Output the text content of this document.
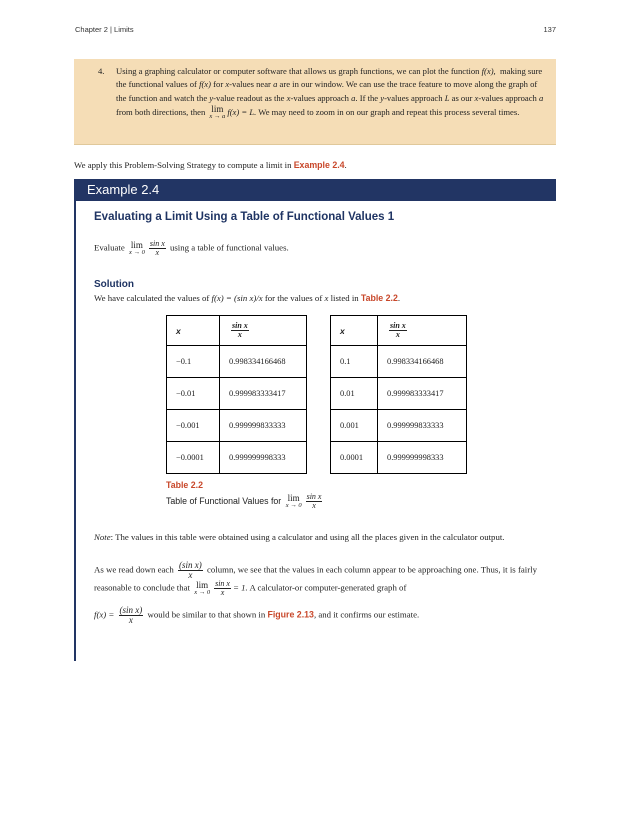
Chapter 2 | Limits	137
4. Using a graphing calculator or computer software that allows us graph functions, we can plot the function f(x), making sure the functional values of f(x) for x-values near a are in our window. We can use the trace feature to move along the graph of the function and watch the y-value readout as the x-values approach a. If the y-values approach L as our x-values approach a from both directions, then lim
x → a f(x) = L. We may need to zoom in on our graph and repeat this process several times.
We apply this Problem-Solving Strategy to compute a limit in Example 2.4.
Example 2.4
Evaluating a Limit Using a Table of Functional Values 1
Evaluate lim
$x \to 0 \frac{\text{sin x}}{x}$ using a table of functional values.
Solution
We have calculated the values of f(x) = (sin x)/x for the values of x listed in Table 2.2.
x	$\frac{\text{sin x}}{x}$

−0.1	0.998334166468
−0.01	0.999983333417
−0.001	0.999999833333
−0.0001	0.999999998333
x	$\frac{\text{sin x}}{x}$

0.1	0.998334166468
0.01	0.999983333417
0.001	0.999999833333
0.0001	0.999999998333
Table 2.2
Table of Functional Values for lim
$x \to 0 \frac{\text{sin x}}{x}$
Note: The values in this table were obtained using a calculator and using all the places given in the calculator output.
As we read down each $\frac{\text{(sin x)}}{x}$ column, we see that the values in each column appear to be approaching one. Thus, it is fairly reasonable to conclude that lim
$x \to 0 \frac{\text{sin x}}{x} = 1$. A calculator-or computer-generated graph of
$f(x) = \frac{\text{(sin x)}}{x}$ would be similar to that shown in Figure 2.13, and it confirms our estimate.
